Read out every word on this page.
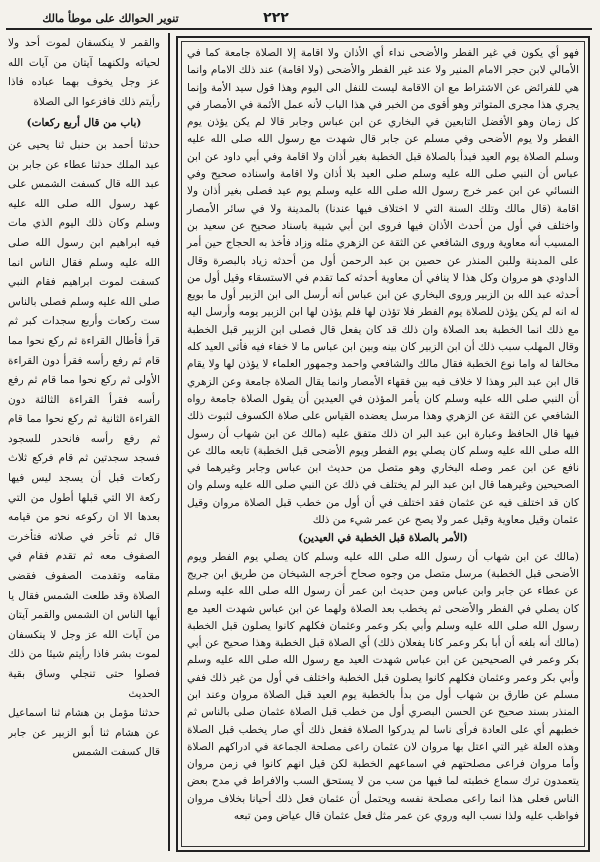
تنوير الحوالك على موطأ مالك	٢٢٢

والقمر لا ينكسفان لموت أحد ولا لحياته ولكنهما آيتان من آيات الله عز وجل يخوف بهما عباده فاذا رأيتم ذلك فافزعوا الى الصلاة

(باب من قال أربع ركعات)

حدثنا أحمد بن حنبل ثنا يحيى عن عبد الملك حدثنا عطاء عن جابر بن عبد الله قال كسفت الشمس على عهد رسول الله صلى الله عليه وسلم وكان ذلك اليوم الذي مات فيه ابراهيم ابن رسول الله صلى الله عليه وسلم فقال الناس انما كسفت لموت ابراهيم فقام النبي صلى الله عليه وسلم فصلى بالناس ست ركعات وأربع سجدات كبر ثم قرأ فأطال القراءة ثم ركع نحوا مما قام ثم رفع رأسه فقرأ دون القراءة الأولى ثم ركع نحوا مما قام ثم رفع رأسه فقرأ القراءة الثالثة دون القراءة الثانية ثم ركع نحوا مما قام ثم رفع رأسه فانحدر للسجود فسجد سجدتين ثم قام فركع ثلاث ركعات قبل أن يسجد ليس فيها ركعة الا التي قبلها أطول من التي بعدها الا ان ركوعه نحو من قيامه قال ثم تأخر في صلاته فتأخرت الصفوف معه ثم تقدم فقام في مقامه وتقدمت الصفوف فقضى الصلاة وقد طلعت الشمس فقال يا أيها الناس ان الشمس والقمر آيتان من آيات الله عز وجل لا ينكسفان لموت بشر فاذا رأيتم شيئا من ذلك فصلوا حتى تنجلي وساق بقية الحديث

حدثنا مؤمل بن هشام ثنا اسماعيل عن هشام ثنا أبو الزبير عن جابر قال كسفت الشمس

فهو أي يكون في غير الفطر والأضحى نداء أي الأذان ولا اقامة إلا الصلاة جامعة كما في الأمالي لابن حجر الامام المنير ولا عند غير الفطر والأضحى (ولا اقامة) عند ذلك الامام وانما هي للفرائض عن الاشتراط مع ان الاقامة ليست للنفل الى اليوم وهذا قول سيد الأمة وإنما يجري هذا مجرى المتواتر وهو أقوى من الخبر في هذا الباب لأنه عمل الأئمة في الأمصار في كل زمان وهو الأفضل التابعين في البخاري عن ابن عباس وجابر قالا لم يكن يؤذن يوم الفطر ولا يوم الأضحى وفي مسلم عن جابر قال شهدت مع رسول الله صلى الله عليه وسلم الصلاة يوم العيد فبدأ بالصلاة قبل الخطبة بغير أذان ولا اقامة وفي أبي داود عن ابن عباس أن النبي صلى الله عليه وسلم صلى العيد بلا أذان ولا اقامة واسناده صحيح وفي النسائي عن ابن عمر خرج رسول الله صلى الله عليه وسلم يوم عيد فصلى بغير أذان ولا اقامة (قال مالك وتلك السنة التي لا اختلاف فيها عندنا) بالمدينة ولا في سائر الأمصار واختلف في أول من أحدث الأذان فيها فروى ابن أبي شيبة باسناد صحيح عن سعيد بن المسيب أنه معاوية وروى الشافعي عن الثقة عن الزهري مثله وزاد فأخذ به الحجاج حين أمر على المدينة وللبن المنذر عن حصين بن عبد الرحمن أول من أحدثه زياد بالبصرة وقال الداودي هو مروان وكل هذا لا ينافي أن معاوية أحدثه كما تقدم في الاستسقاء وقيل أول من أحدثه عبد الله بن الزبير وروى البخاري عن ابن عباس أنه أرسل الى ابن الزبير أول ما بويع له انه لم يكن يؤذن للصلاة يوم الفطر فلا تؤذن لها فلم يؤذن لها ابن الزبير يومه وأرسل اليه مع ذلك انما الخطبة بعد الصلاة وان ذلك قد كان يفعل قال فصلى ابن الزبير قبل الخطبة وقال المهلب سبب ذلك أن ابن الزبير كان بينه وبين ابن عباس ما لا خفاء فيه فأتى العيد كله مخالفا له واما نوع الخطبة فقال مالك والشافعي واحمد وجمهور العلماء لا يؤذن لها ولا يقام قال ابن عبد البر وهذا لا خلاف فيه بين فقهاء الأمصار وانما يقال الصلاة جامعة وعن الزهري أن النبي صلى الله عليه وسلم كان يأمر المؤذن في العيدين أن يقول الصلاة جامعة رواه الشافعي عن الثقة عن الزهري وهذا مرسل يعضده القياس على صلاة الكسوف لثبوت ذلك فيها قال الحافظ وعبارة ابن عبد البر ان ذلك متفق عليه (مالك عن ابن شهاب أن رسول الله صلى الله عليه وسلم كان يصلي يوم الفطر ويوم الأضحى قبل الخطبة) تابعه مالك عن نافع عن ابن عمر وصله البخاري وهو متصل من حديث ابن عباس وجابر وغيرهما في الصحيحين وغيرهما قال ابن عبد البر لم يختلف في ذلك عن النبي صلى الله عليه وسلم وان كان قد اختلف فيه عن عثمان فقد اختلف في أن أول من خطب قبل الصلاة مروان وقيل عثمان وقيل معاوية وقيل عمر ولا يصح عن عمر شيء من ذلك

(الأمر بالصلاة قبل الخطبة في العيدين)

(مالك عن ابن شهاب أن رسول الله صلى الله عليه وسلم كان يصلي يوم الفطر ويوم الأضحى قبل الخطبة) مرسل متصل من وجوه صحاح أخرجه الشيخان من طريق ابن جريج عن عطاء عن جابر وابن عباس ومن حديث ابن عمر أن رسول الله صلى الله عليه وسلم كان يصلي في الفطر والأضحى ثم يخطب بعد الصلاة ولهما عن ابن عباس شهدت العيد مع رسول الله صلى الله عليه وسلم وأبي بكر وعمر وعثمان فكلهم كانوا يصلون قبل الخطبة (مالك أنه بلغه أن أبا بكر وعمر كانا يفعلان ذلك) أي الصلاة قبل الخطبة وهذا صحيح عن أبي بكر وعمر في الصحيحين عن ابن عباس شهدت العيد مع رسول الله صلى الله عليه وسلم وأبي بكر وعمر وعثمان فكلهم كانوا يصلون قبل الخطبة واختلف في أول من غير ذلك ففي مسلم عن طارق بن شهاب أول من بدأ بالخطبة يوم العيد قبل الصلاة مروان وعند ابن المنذر بسند صحيح عن الحسن البصري أول من خطب قبل الصلاة عثمان صلى بالناس ثم خطبهم أي على العادة فرأى ناسا لم يدركوا الصلاة ففعل ذلك أي صار يخطب قبل الصلاة وهذه العلة غير التي اعتل بها مروان لان عثمان راعى مصلحة الجماعة في ادراكهم الصلاة وأما مروان فراعى مصلحتهم في اسماعهم الخطبة لكن قيل انهم كانوا في زمن مروان يتعمدون ترك سماع خطبته لما فيها من سب من لا يستحق السب والافراط في مدح بعض الناس فعلى هذا انما راعى مصلحة نفسه ويحتمل أن عثمان فعل ذلك أحيانا بخلاف مروان فواظب عليه ولذا نسب اليه وروي عن عمر مثل فعل عثمان قال عياض ومن تبعه
